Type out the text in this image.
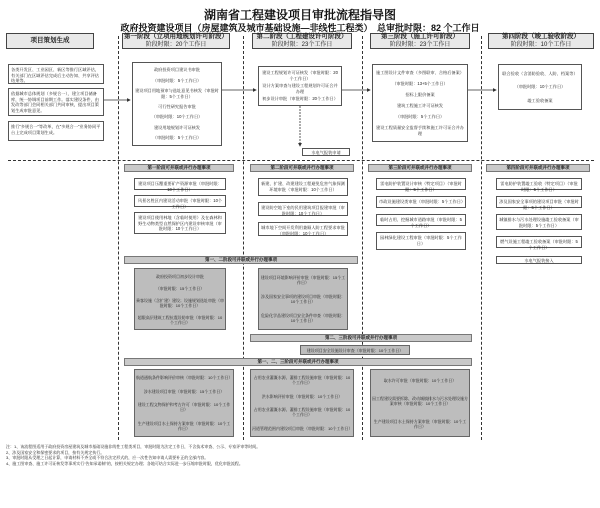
湖南省工程建设项目审批流程指导图
政府投资建设项目（房屋建筑及城市基础设施—非线性工程类）　总审批时限：82 个工作日
项目策划生成
第一阶段（立项用地规划许可阶段）
阶段时限：20个工作日
第二阶段（工程建设许可阶段）
阶段时限：23个工作日
第三阶段（施工许可阶段）
阶段时限：23个工作日
第四阶段（竣工验收阶段）
阶段时限：10个工作日
各类开发区、工业园区、新区等推行区域评估，有关部门在区域评估完成后主动告知、共享评估结果等。
依据城市总体规划（多规合一），建立项目储备库，统一协调项目前期工作。落实建设条件，由发改等部门会同相关部门共同审核，提出项目策划生成审批意见。
推行“多规合一”等改革，在“多规合一”业务协同平台上完成项目策划生成。
政府投资项目建议书审批
（审批时限：5个工作日）
建设项目用地预审与选址意见书核发（审批时限：5个工作日）
可行性研究报告审批
（审批时限：10个工作日）
建设用地规划许可证核发
（审批时限：5个工作日）
建设工程规划许可证核发（审批时限：20个工作日）
设计方案审查与建设工程规划许可证合并办理
初步设计审批（审批时限：20个工作日）
施工图设计文件审查（多图联审、合格后备案）
（审批时限：13+5个工作日）
招标上限价备案
建筑工程施工许可证核发
（审批时限：5个工作日）
建设工程质量安全监督手续和施工许可证合并办理
联合验收（含消防验收、人防、档案等）
（审批时限：10个工作日）
竣工验收备案
水电气报装申请
第一阶段可并联或并行办理事项	第二阶段可并联或并行办理事项	第三阶段可并联或并行办理事项	第四阶段可并联或并行办理事项
建设项目压覆重要矿产资源审批（审批时限：10个工作日）
风景名胜区内建设活动审批（审批时限：10个工作日）
建设项目使用林地（含临时使用）及在森林和野生动物类型自然保护区内建设审核审批（审批时限：10个工作日）
新建、扩建、改建建设工程避免危害气象探测环境审批（审批时限：10个工作日）
建设防空地下室的民用建筑项目报建审批（审批时限：10个工作日）
城市地下空间开发利用兼顾人防工程要求审批（审批时限：10个工作日）
雷电防护装置设计审核（特定项目）（审批时限：5个工作日）
市政设施建设类审批（审批时限：5个工作日）
临时占用、挖掘城市道路审批（审批时限：5个工作日）
园林绿化建设工程审批（审批时限：5个工作日）
雷电防护装置竣工验收（特定项目）（审批时限：5个工作日）
涉及国家安全事项的建设项目审批（审批时限：5个工作日）
城镇排水与污水处理设施竣工验收备案（审批时限：5个工作日）
燃气设施工程竣工验收备案（审批时限：5个工作日）
水电气报装接入
第一、二阶段可并联或并行办理事项
政府投资项目初步设计审批
（审批时限：15个工作日）
乘客设施（含扩建）建设；设施规划选址审批（审批时限：10个工作日）
超限高层建筑工程抗震设防审批（审批时限：10个工作日）
建设项目环境影响评价审批（审批时限：15个工作日）
涉及国家安全事项的建设项目审批（审批时限：10个工作日）
危险化学品建设项目安全条件审查（审批时限：10个工作日）
第二、三阶段可并联或并行办理事项
建设项目安全设施设计审查（审批时限：10个工作日）
第一、二、三阶段可并联或并行办理事项
航道通航条件影响评价审核（审批时限：10个工作日）
涉水建设项目审批（审批时限：15个工作日）
建设工程文物保护和考古许可（审批时限：10个工作日）
生产建设项目水土保持方案审批（审批时限：10个工作日）
占用农业灌溉水源、灌排工程设施审批（审批时限：10个工作日）
洪水影响评价审批（审批时限：10个工作日）
占用农业灌溉水源、灌排工程设施审批（审批时限：10个工作日）
河道管理范围内建设项目审批（审批时限：10个工作日）
取水许可审批（审批时限：10个工作日）
因工程建设需要拆除、改动城镇排水与污水处理设施方案审核（审批时限：10个工作日）
生产建设项目水土保持方案审批（审批时限：10个工作日）
注：1、该流程图适用于政府投资房屋建筑及城市基础设施非线性工程类项目，审批时限为法定工作日，不含技术审查、公示、专家评审等时间。
2、涉及国家安全和保密要求的项目，按有关规定执行。
3、审批时限从受理之日起计算，申请材料不齐全或不符合法定形式的，应一次性告知申请人需要补正的全部内容。
4、施工图审查、施工许可证核发等事项实行“告知承诺制”的，按相关规定办理；各地可结合实际进一步压缩审批时限，优化审批流程。
